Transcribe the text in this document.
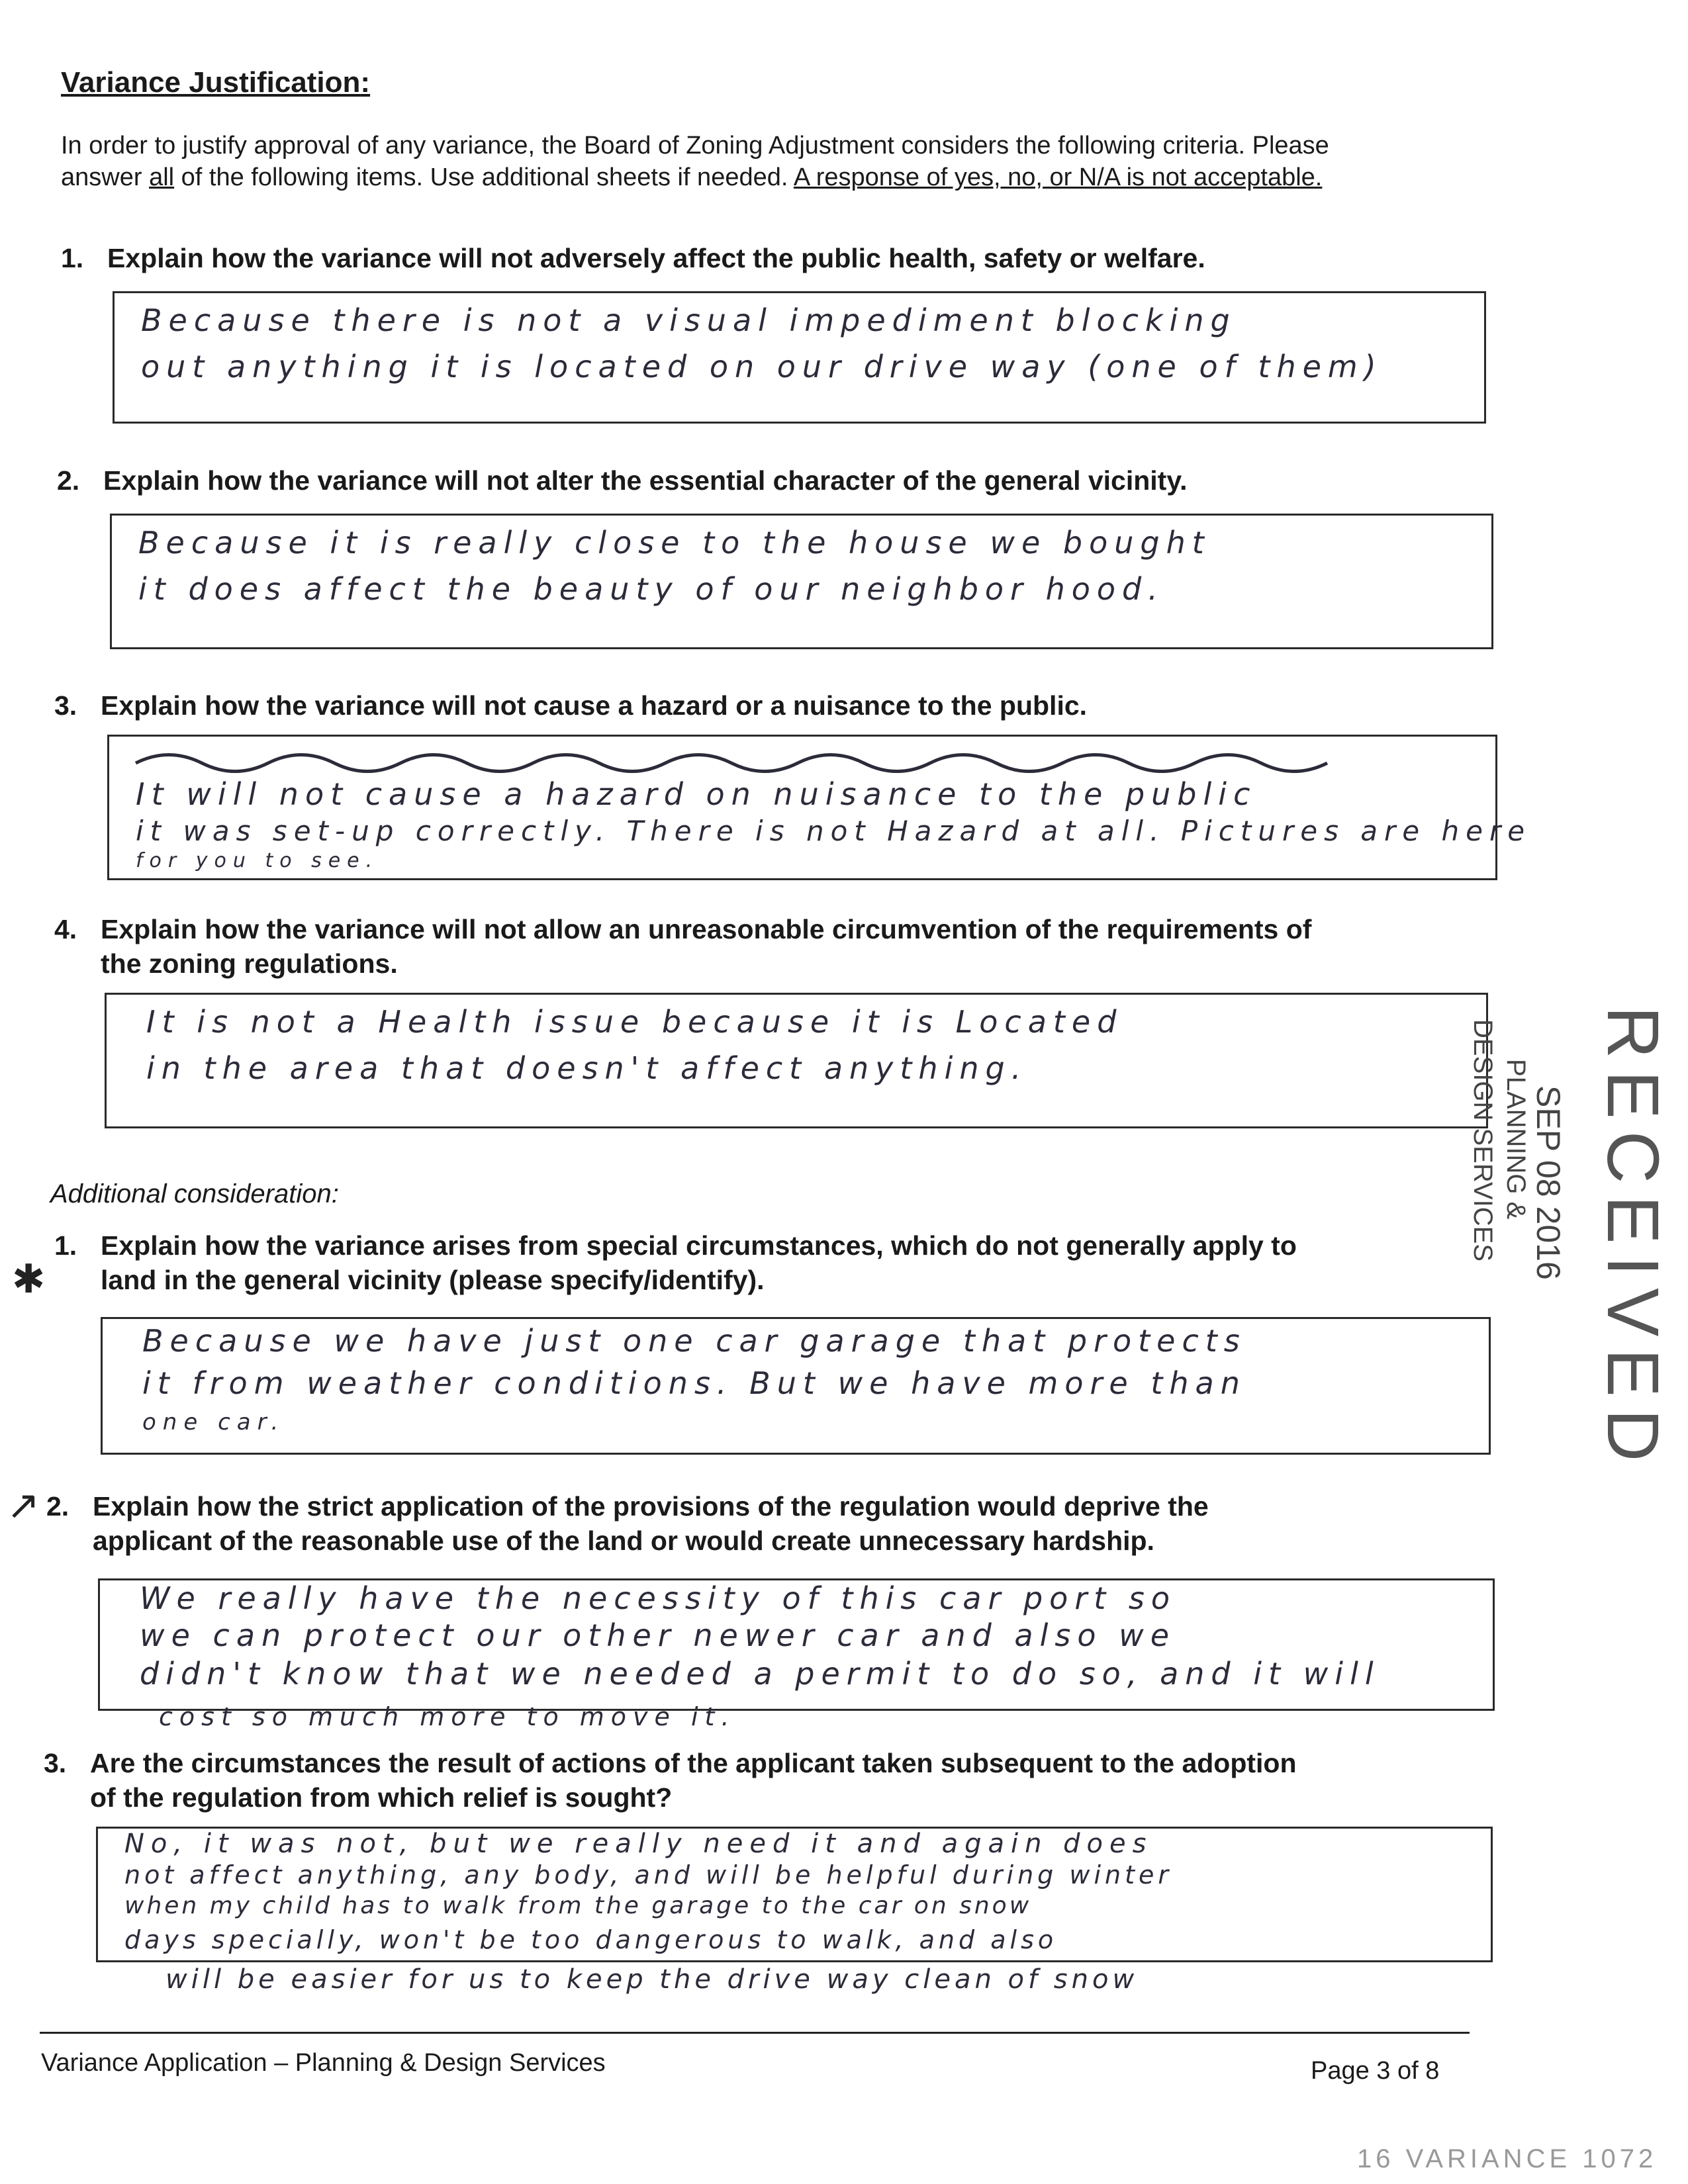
Variance Justification:
In order to justify approval of any variance, the Board of Zoning Adjustment considers the following criteria. Please
answer all of the following items. Use additional sheets if needed. A response of yes, no, or N/A is not acceptable.
1. Explain how the variance will not adversely affect the public health, safety or welfare.
Because there is not a visual impediment blocking
out anything it is located on our drive way (one of them)
2. Explain how the variance will not alter the essential character of the general vicinity.
Because it is really close to the house we bought
it does affect the beauty of our neighbor hood.
3. Explain how the variance will not cause a hazard or a nuisance to the public.
It will not cause a hazard on nuisance to the public
it was set-up correctly. There is not Hazard at all. Pictures are here
for you to see.
4. Explain how the variance will not allow an unreasonable circumvention of the requirements of
the zoning regulations.
It is not a Health issue because it is Located
in the area that doesn't affect anything.
Additional consideration:
✱
1. Explain how the variance arises from special circumstances, which do not generally apply to
land in the general vicinity (please specify/identify).
Because we have just one car garage that protects
it from weather conditions. But we have more than
one car.
↗ 2. Explain how the strict application of the provisions of the regulation would deprive the
applicant of the reasonable use of the land or would create unnecessary hardship.
We really have the necessity of this car port so
we can protect our other newer car and also we
didn't know that we needed a permit to do so, and it will
cost so much more to move it.
3. Are the circumstances the result of actions of the applicant taken subsequent to the adoption
of the regulation from which relief is sought?
No, it was not, but we really need it and again does
not affect anything, any body, and will be helpful during winter
when my child has to walk from the garage to the car on snow
days specially, won't be too dangerous to walk, and also
will be easier for us to keep the drive way clean of snow
RECEIVED
SEP 08 2016
PLANNING &
DESIGN SERVICES
Variance Application – Planning & Design Services	Page 3 of 8
16 VARIANCE 1072
